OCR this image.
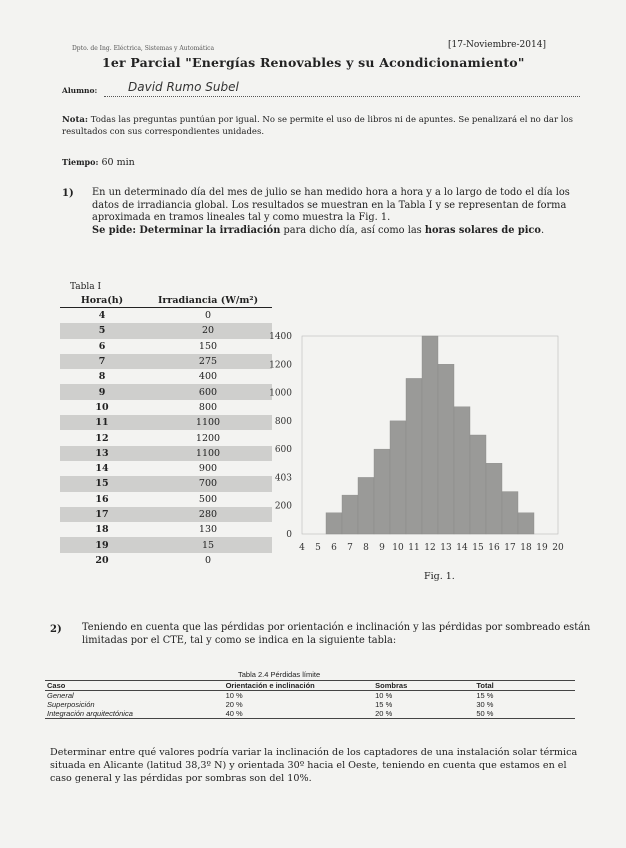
Dpto. de Ing. Eléctrica, Sistemas y Automática	[17-Noviembre-2014]
1er Parcial "Energías Renovables y su Acondicionamiento"
Alumno:	David Rumo Subel
Nota: Todas las preguntas puntúan por igual. No se permite el uso de libros ni de apuntes. Se penalizará el no dar los resultados con sus correspondientes unidades.
Tiempo: 60 min
1) En un determinado día del mes de julio se han medido hora a hora y a lo largo de todo el día los datos de irradiancia global. Los resultados se muestran en la Tabla I y se representan de forma aproximada en tramos lineales tal y como muestra la Fig. 1.
Se pide: Determinar la irradiación para dicho día, así como las horas solares de pico.
Tabla I
Hora(h)	Irradiancia (W/m²)
4	0
5	20
6	150
7	275
8	400
9	600
10	800
11	1100
12	1200
13	1100
14	900
15	700
16	500
17	280
18	130
19	15
20	0
0
200
403
600
800
1000
1200
1400
4 5 6 7 8 9 10 11 12 13 14 15 16 17 18 19 20
Fig. 1.
2) Teniendo en cuenta que las pérdidas por orientación e inclinación y las pérdidas por sombreado están limitadas por el CTE, tal y como se indica en la siguiente tabla:
Tabla 2.4 Pérdidas límite
Caso	Orientación e inclinación	Sombras	Total
General	10 %	10 %	15 %
Superposición	20 %	15 %	30 %
Integración arquitectónica	40 %	20 %	50 %
Determinar entre qué valores podría variar la inclinación de los captadores de una instalación solar térmica situada en Alicante (latitud 38,3º N) y orientada 30º hacia el Oeste, teniendo en cuenta que estamos en el caso general y las pérdidas por sombras son del 10%.
